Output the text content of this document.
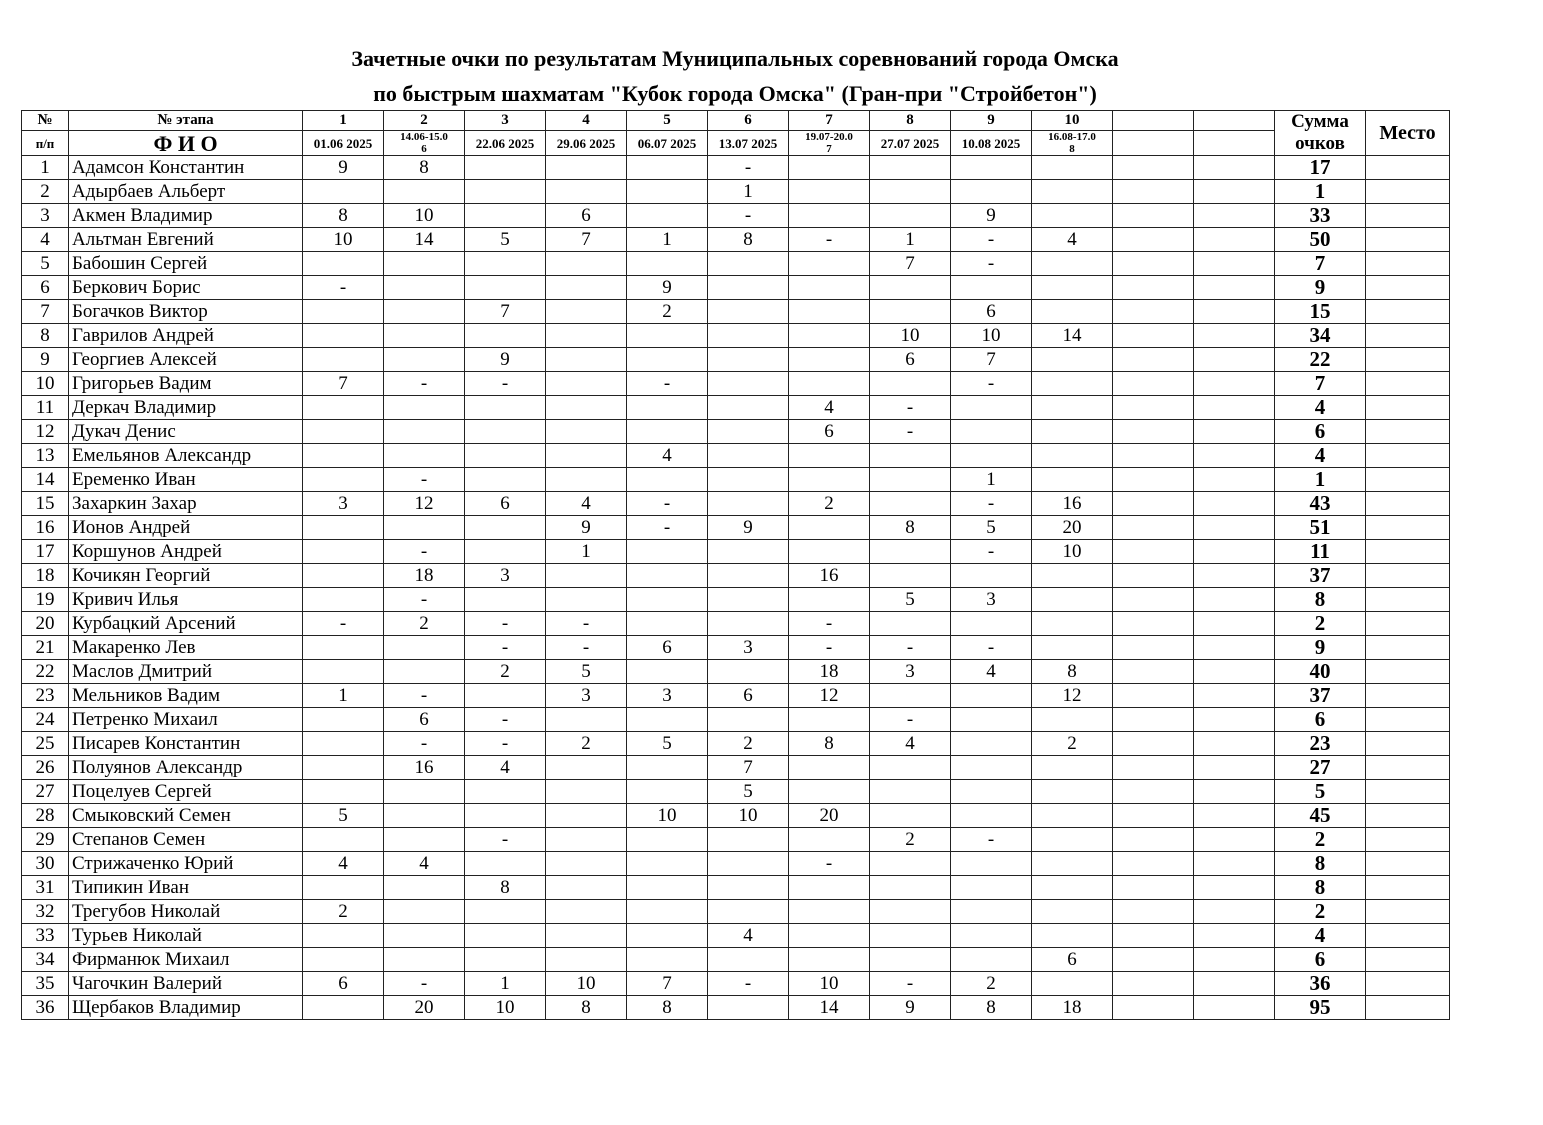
Зачетные очки по результатам Муниципальных соревнований города Омска
по быстрым шахматам "Кубок города Омска" (Гран-при "Стройбетон")
№	№ этапа	1	2	3	4	5	6	7	8	9	10			Сумма очков	Место
п/п	Ф И О	01.06 2025	14.06-15.06	22.06 2025	29.06 2025	06.07 2025	13.07 2025	19.07-20.07	27.07 2025	10.08 2025	16.08-17.08				
1	Адамсон Константин	9	8				-							17	
2	Адырбаев Альберт						1							1	
3	Акмен Владимир	8	10		6		-			9				33	
4	Альтман Евгений	10	14	5	7	1	8	-	1	-	4			50	
5	Бабошин Сергей								7	-				7	
6	Беркович Борис	-				9								9	
7	Богачков Виктор			7		2				6				15	
8	Гаврилов Андрей								10	10	14			34	
9	Георгиев Алексей			9					6	7				22	
10	Григорьев Вадим	7	-	-		-				-				7	
11	Деркач Владимир							4	-					4	
12	Дукач Денис							6	-					6	
13	Емельянов Александр					4								4	
14	Еременко Иван		-							1				1	
15	Захаркин Захар	3	12	6	4	-		2		-	16			43	
16	Ионов Андрей				9	-	9		8	5	20			51	
17	Коршунов Андрей		-		1					-	10			11	
18	Кочикян Георгий		18	3				16						37	
19	Кривич Илья		-						5	3				8	
20	Курбацкий Арсений	-	2	-	-			-						2	
21	Макаренко Лев			-	-	6	3	-	-	-				9	
22	Маслов Дмитрий			2	5			18	3	4	8			40	
23	Мельников Вадим	1	-		3	3	6	12			12			37	
24	Петренко Михаил		6	-					-					6	
25	Писарев Константин		-	-	2	5	2	8	4		2			23	
26	Полуянов Александр		16	4			7							27	
27	Поцелуев Сергей						5							5	
28	Смыковский Семен	5				10	10	20						45	
29	Степанов Семен			-					2	-				2	
30	Стрижаченко Юрий	4	4					-						8	
31	Типикин Иван			8										8	
32	Трегубов Николай	2												2	
33	Турьев Николай						4							4	
34	Фирманюк Михаил										6			6	
35	Чагочкин Валерий	6	-	1	10	7	-	10	-	2				36	
36	Щербаков Владимир		20	10	8	8		14	9	8	18			95	
